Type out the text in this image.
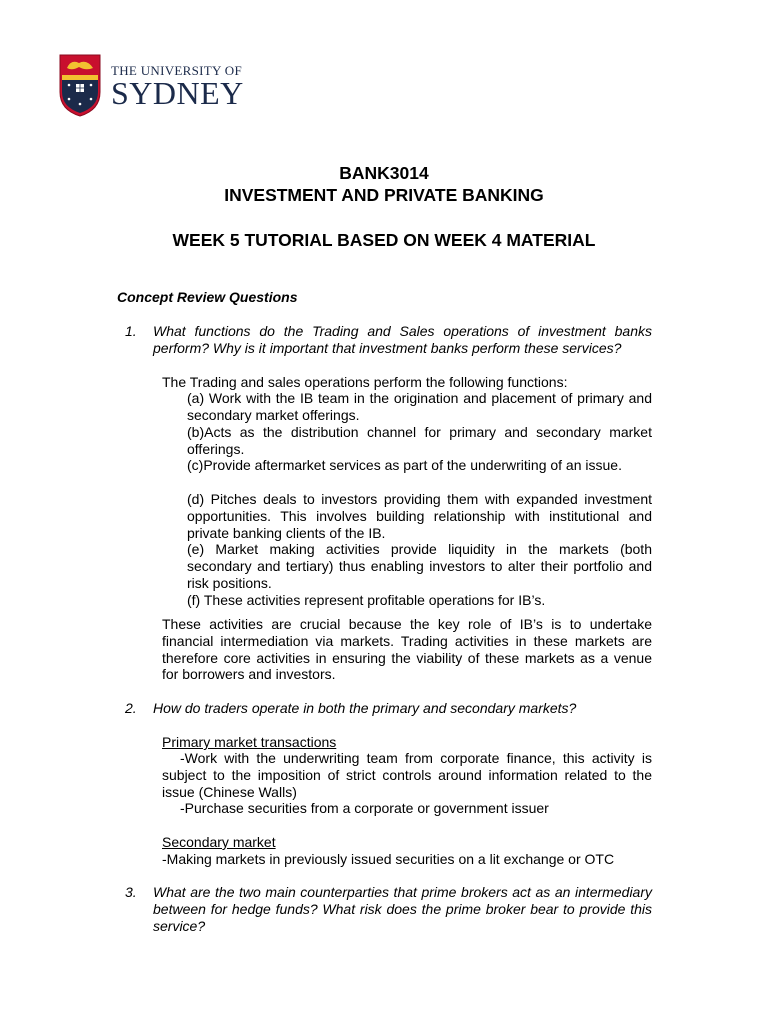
THE UNIVERSITY OF
SYDNEY
BANK3014
INVESTMENT AND PRIVATE BANKING
WEEK 5 TUTORIAL BASED ON WEEK 4 MATERIAL
Concept Review Questions
1. What functions do the Trading and Sales operations of investment banks perform? Why is it important that investment banks perform these services?
The Trading and sales operations perform the following functions:
(a) Work with the IB team in the origination and placement of primary and secondary market offerings.
(b)Acts as the distribution channel for primary and secondary market offerings.
(c)Provide aftermarket services as part of the underwriting of an issue.
(d) Pitches deals to investors providing them with expanded investment opportunities. This involves building relationship with institutional and private banking clients of the IB.
(e) Market making activities provide liquidity in the markets (both secondary and tertiary) thus enabling investors to alter their portfolio and risk positions.
(f) These activities represent profitable operations for IB’s.
These activities are crucial because the key role of IB’s is to undertake financial intermediation via markets. Trading activities in these markets are therefore core activities in ensuring the viability of these markets as a venue for borrowers and investors.
2. How do traders operate in both the primary and secondary markets?
Primary market transactions
-Work with the underwriting team from corporate finance, this activity is subject to the imposition of strict controls around information related to the issue (Chinese Walls)
-Purchase securities from a corporate or government issuer
Secondary market
-Making markets in previously issued securities on a lit exchange or OTC
3. What are the two main counterparties that prime brokers act as an intermediary between for hedge funds? What risk does the prime broker bear to provide this service?
